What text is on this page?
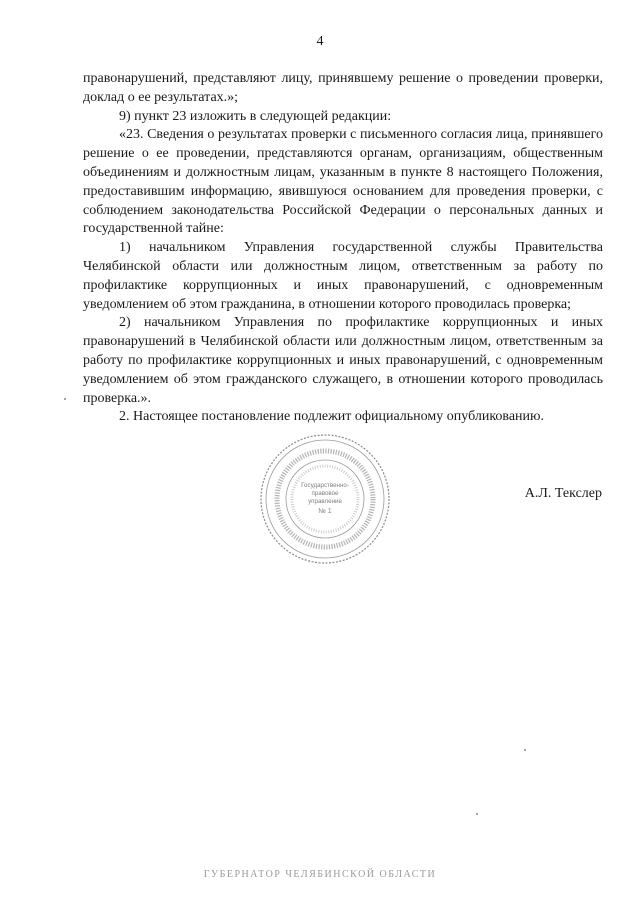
4

правонарушений, представляют лицу, принявшему решение о проведении проверки, доклад о ее результатах.»;

9) пункт 23 изложить в следующей редакции:

«23. Сведения о результатах проверки с письменного согласия лица, принявшего решение о ее проведении, представляются органам, организациям, общественным объединениям и должностным лицам, указанным в пункте 8 настоящего Положения, предоставившим информацию, явившуюся основанием для проведения проверки, с соблюдением законодательства Российской Федерации о персональных данных и государственной тайне:

1) начальником Управления государственной службы Правительства Челябинской области или должностным лицом, ответственным за работу по профилактике коррупционных и иных правонарушений, с одновременным уведомлением об этом гражданина, в отношении которого проводилась проверка;

2) начальником Управления по профилактике коррупционных и иных правонарушений в Челябинской области или должностным лицом, ответственным за работу по профилактике коррупционных и иных правонарушений, с одновременным уведомлением об этом гражданского служащего, в отношении которого проводилась проверка.».

2. Настоящее постановление подлежит официальному опубликованию.

Государственно-
правовое
управление
№ 1
А.Л. Текслер
ГУБЕРНАТОР ЧЕЛЯБИНСКОЙ ОБЛАСТИ
